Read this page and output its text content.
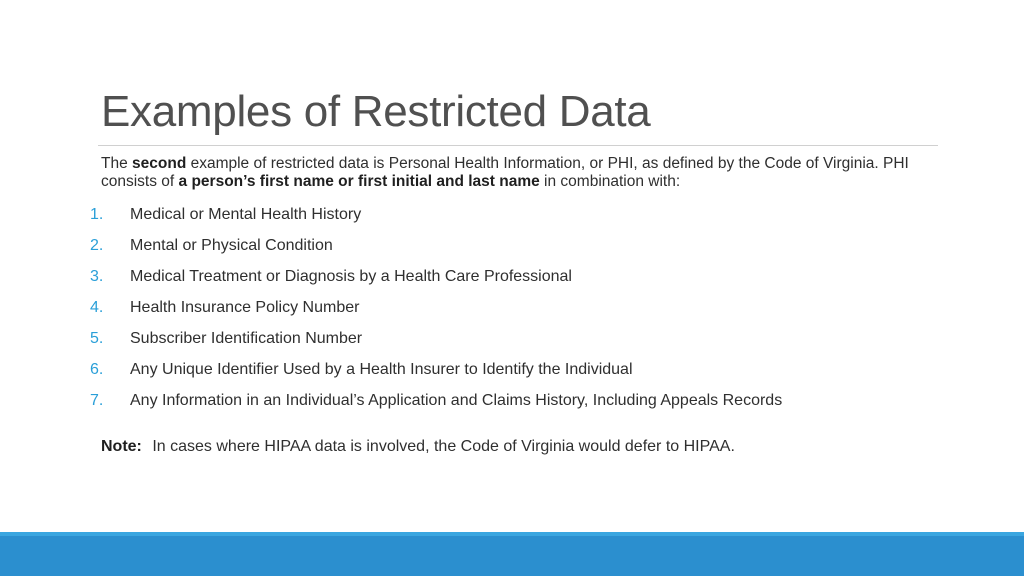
Examples of Restricted Data

The second example of restricted data is Personal Health Information, or PHI, as defined by the Code of Virginia. PHI consists of a person’s first name or first initial and last name in combination with:

1.	Medical or Mental Health History
2.	Mental or Physical Condition
3.	Medical Treatment or Diagnosis by a Health Care Professional
4.	Health Insurance Policy Number
5.	Subscriber Identification Number
6.	Any Unique Identifier Used by a Health Insurer to Identify the Individual
7.	Any Information in an Individual’s Application and Claims History, Including Appeals Records

Note: In cases where HIPAA data is involved, the Code of Virginia would defer to HIPAA.
